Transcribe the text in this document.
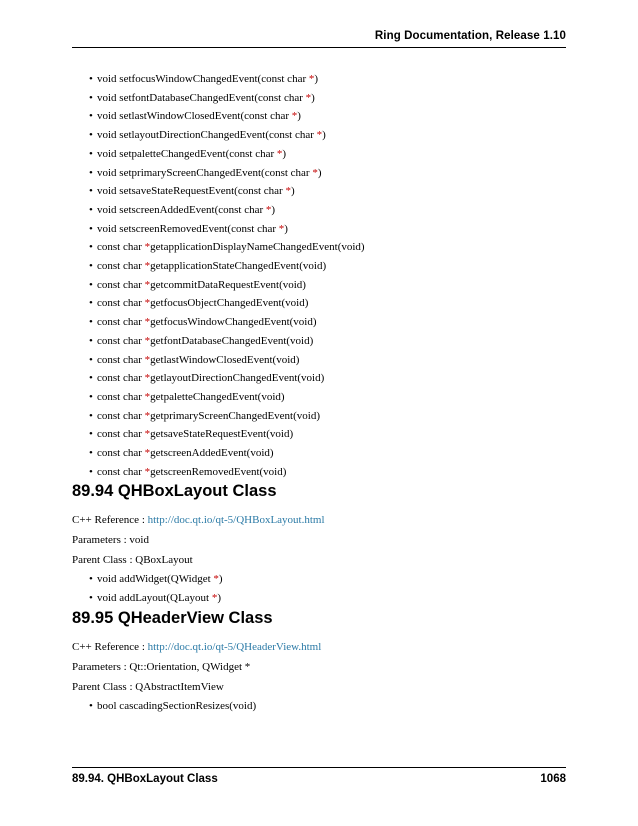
Ring Documentation, Release 1.10
• void setfocusWindowChangedEvent(const char *)
• void setfontDatabaseChangedEvent(const char *)
• void setlastWindowClosedEvent(const char *)
• void setlayoutDirectionChangedEvent(const char *)
• void setpaletteChangedEvent(const char *)
• void setprimaryScreenChangedEvent(const char *)
• void setsaveStateRequestEvent(const char *)
• void setscreenAddedEvent(const char *)
• void setscreenRemovedEvent(const char *)
• const char *getapplicationDisplayNameChangedEvent(void)
• const char *getapplicationStateChangedEvent(void)
• const char *getcommitDataRequestEvent(void)
• const char *getfocusObjectChangedEvent(void)
• const char *getfocusWindowChangedEvent(void)
• const char *getfontDatabaseChangedEvent(void)
• const char *getlastWindowClosedEvent(void)
• const char *getlayoutDirectionChangedEvent(void)
• const char *getpaletteChangedEvent(void)
• const char *getprimaryScreenChangedEvent(void)
• const char *getsaveStateRequestEvent(void)
• const char *getscreenAddedEvent(void)
• const char *getscreenRemovedEvent(void)
89.94 QHBoxLayout Class

C++ Reference : http://doc.qt.io/qt-5/QHBoxLayout.html

Parameters : void

Parent Class : QBoxLayout

• void addWidget(QWidget *)
• void addLayout(QLayout *)
89.95 QHeaderView Class

C++ Reference : http://doc.qt.io/qt-5/QHeaderView.html

Parameters : Qt::Orientation, QWidget *

Parent Class : QAbstractItemView

• bool cascadingSectionResizes(void)
89.94. QHBoxLayout Class	1068
